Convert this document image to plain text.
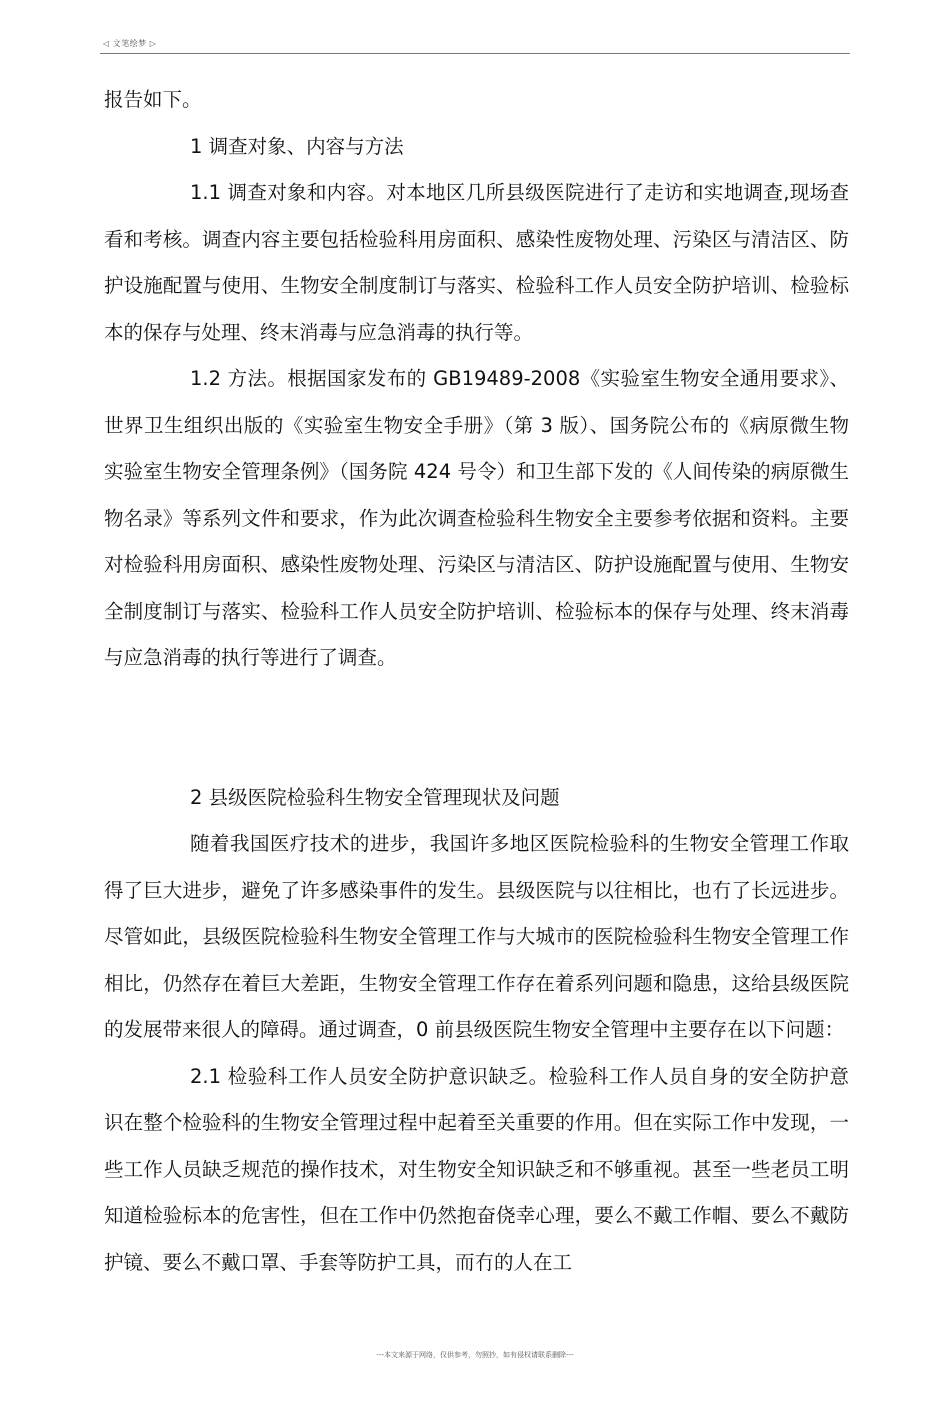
◁ 文笔绘梦 ▷

报告如下。

1 调查对象、内容与方法

1.1 调查对象和内容。对本地区几所县级医院进行了走访和实地调查,现场查看和考核。调查内容主要包括检验科用房面积、感染性废物处理、污染区与清洁区、防护设施配置与使用、生物安全制度制订与落实、检验科工作人员安全防护培训、检验标本的保存与处理、终末消毒与应急消毒的执行等。

1.2 方法。根据国家发布的 GB19489-2008《实验室生物安全通用要求》、世界卫生组织出版的《实验室生物安全手册》（第 3 版）、国务院公布的《病原微生物实验室生物安全管理条例》（国务院 424 号令）和卫生部下发的《人间传染的病原微生物名录》等系列文件和要求，作为此次调查检验科生物安全主要参考依据和资料。主要对检验科用房面积、感染性废物处理、污染区与清洁区、防护设施配置与使用、生物安全制度制订与落实、检验科工作人员安全防护培训、检验标本的保存与处理、终末消毒与应急消毒的执行等进行了调查。

2 县级医院检验科生物安全管理现状及问题

随着我国医疗技术的进步，我国许多地区医院检验科的生物安全管理工作取得了巨大进步，避免了许多感染事件的发生。县级医院与以往相比，也冇了长远进步。尽管如此，县级医院检验科生物安全管理工作与大城市的医院检验科生物安全管理工作相比，仍然存在着巨大差距，生物安全管理工作存在着系列问题和隐患，这给县级医院的发展带来很人的障碍。通过调查，0 前县级医院生物安全管理中主要存在以下问题：

2.1 检验科工作人员安全防护意识缺乏。检验科工作人员自身的安全防护意识在整个检验科的生物安全管理过程中起着至关重要的作用。但在实际工作中发现，一些工作人员缺乏规范的操作技术，对生物安全知识缺乏和不够重视。甚至一些老员工明知道检验标本的危害性，但在工作中仍然抱奋侥幸心理，要么不戴工作帽、要么不戴防护镜、要么不戴口罩、手套等防护工具，而冇的人在工

---本文来源于网络，仅供参考，勿照抄，如有侵权请联系删除---
